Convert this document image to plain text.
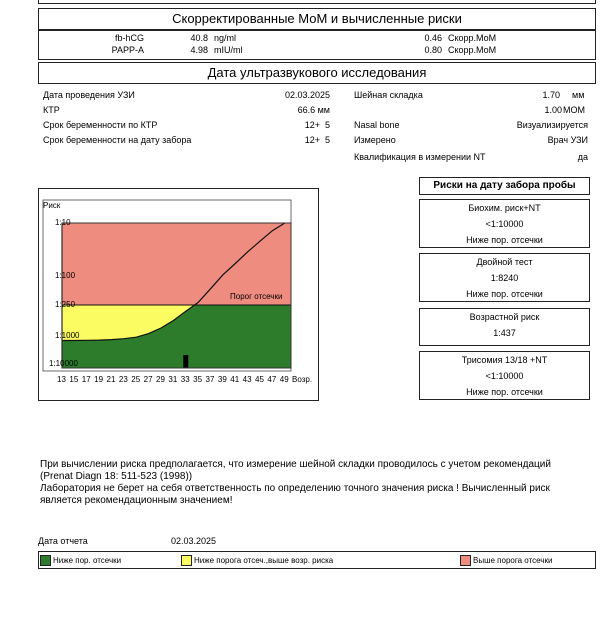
Скорректированные МоМ и вычисленные риски
fb-hCG	40.8 ng/ml	0.46 Скорр.МоМ
PAPP-A	4.98 mIU/ml	0.80 Скорр.МоМ
Дата ультразвукового исследования
Дата проведения УЗИ	02.03.2025
КТР	66.6 мм
Срок беременности по КТР	12+  5
Срок беременности на дату забора	12+  5
Шейная складка	1.70 мм
1.00 МОМ
Nasal bone	Визуализируется
Измерено	Врач УЗИ
Квалификация в измерении NT	да
Риск
1:10
1:100
1:250
1:1000
1:10000
13 15 17 19 21 23 25 27 29 31 33 35 37 39 41 43 45 47 49 Возр.
Порог отсечки
Риски на дату забора пробы
Биохим. риск+NT
<1:10000
Ниже пор. отсечки
Двойной тест
1:8240
Ниже пор. отсечки
Возрастной риск
1:437
Трисомия 13/18 +NT
<1:10000
Ниже пор. отсечки
При вычислении риска предполагается, что измерение шейной складки проводилось с учетом рекомендаций
(Prenat Diagn 18: 511-523 (1998))
Лаборатория не берет на себя ответственность по определению точного значения риска ! Вычисленный риск
является рекомендационным значением!
Дата отчета	02.03.2025
Ниже пор. отсечки	Ниже порога отсеч.,выше возр. риска	Выше порога отсечки
